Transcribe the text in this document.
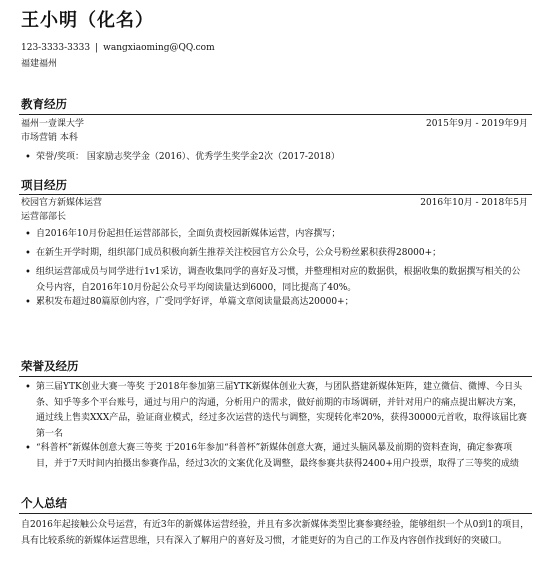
王小明（化名）
123-3333-3333 | wangxiaoming@QQ.com
福建福州
教育经历
福州一壹课大学	2015年9月 - 2019年9月
市场营销 本科
• 荣誉/奖项： 国家励志奖学金（2016）、优秀学生奖学金2次（2017-2018）
项目经历
校园官方新媒体运营	2016年10月 - 2018年5月
运营部部长
• 自2016年10月份起担任运营部部长，全面负责校园新媒体运营，内容撰写；
• 在新生开学时期，组织部门成员积极向新生推荐关注校园官方公众号，公众号粉丝累积获得28000+；
• 组织运营部成员与同学进行1v1采访，调查收集同学的喜好及习惯，并整理相对应的数据供，根据收集的数据撰写相关的公众号内容，自2016年10月份起公众号平均阅读量达到6000，同比提高了40%。
• 累积发布超过80篇原创内容，广受同学好评，单篇文章阅读量最高达20000+；
荣誉及经历
• 第三届YTK创业大赛一等奖 于2018年参加第三届YTK新媒体创业大赛，与团队搭建新媒体矩阵，建立微信、微博、今日头条、知乎等多个平台账号，通过与用户的沟通，分析用户的需求，做好前期的市场调研，并针对用户的痛点提出解决方案，通过线上售卖XXX产品，验证商业模式，经过多次运营的迭代与调整，实现转化率20%，获得30000元首收，取得该届比赛第一名
• “科普杯”新媒体创意大赛三等奖 于2016年参加“科普杯”新媒体创意大赛，通过头脑风暴及前期的资料查询，确定参赛项目，并于7天时间内拍摄出参赛作品，经过3次的文案优化及调整，最终参赛共获得2400+用户投票，取得了三等奖的成绩
个人总结
自2016年起接触公众号运营，有近3年的新媒体运营经验，并且有多次新媒体类型比赛参赛经验，能够组织一个从0到1的项目，具有比较系统的新媒体运营思维，只有深入了解用户的喜好及习惯，才能更好的为自己的工作及内容创作找到好的突破口。
